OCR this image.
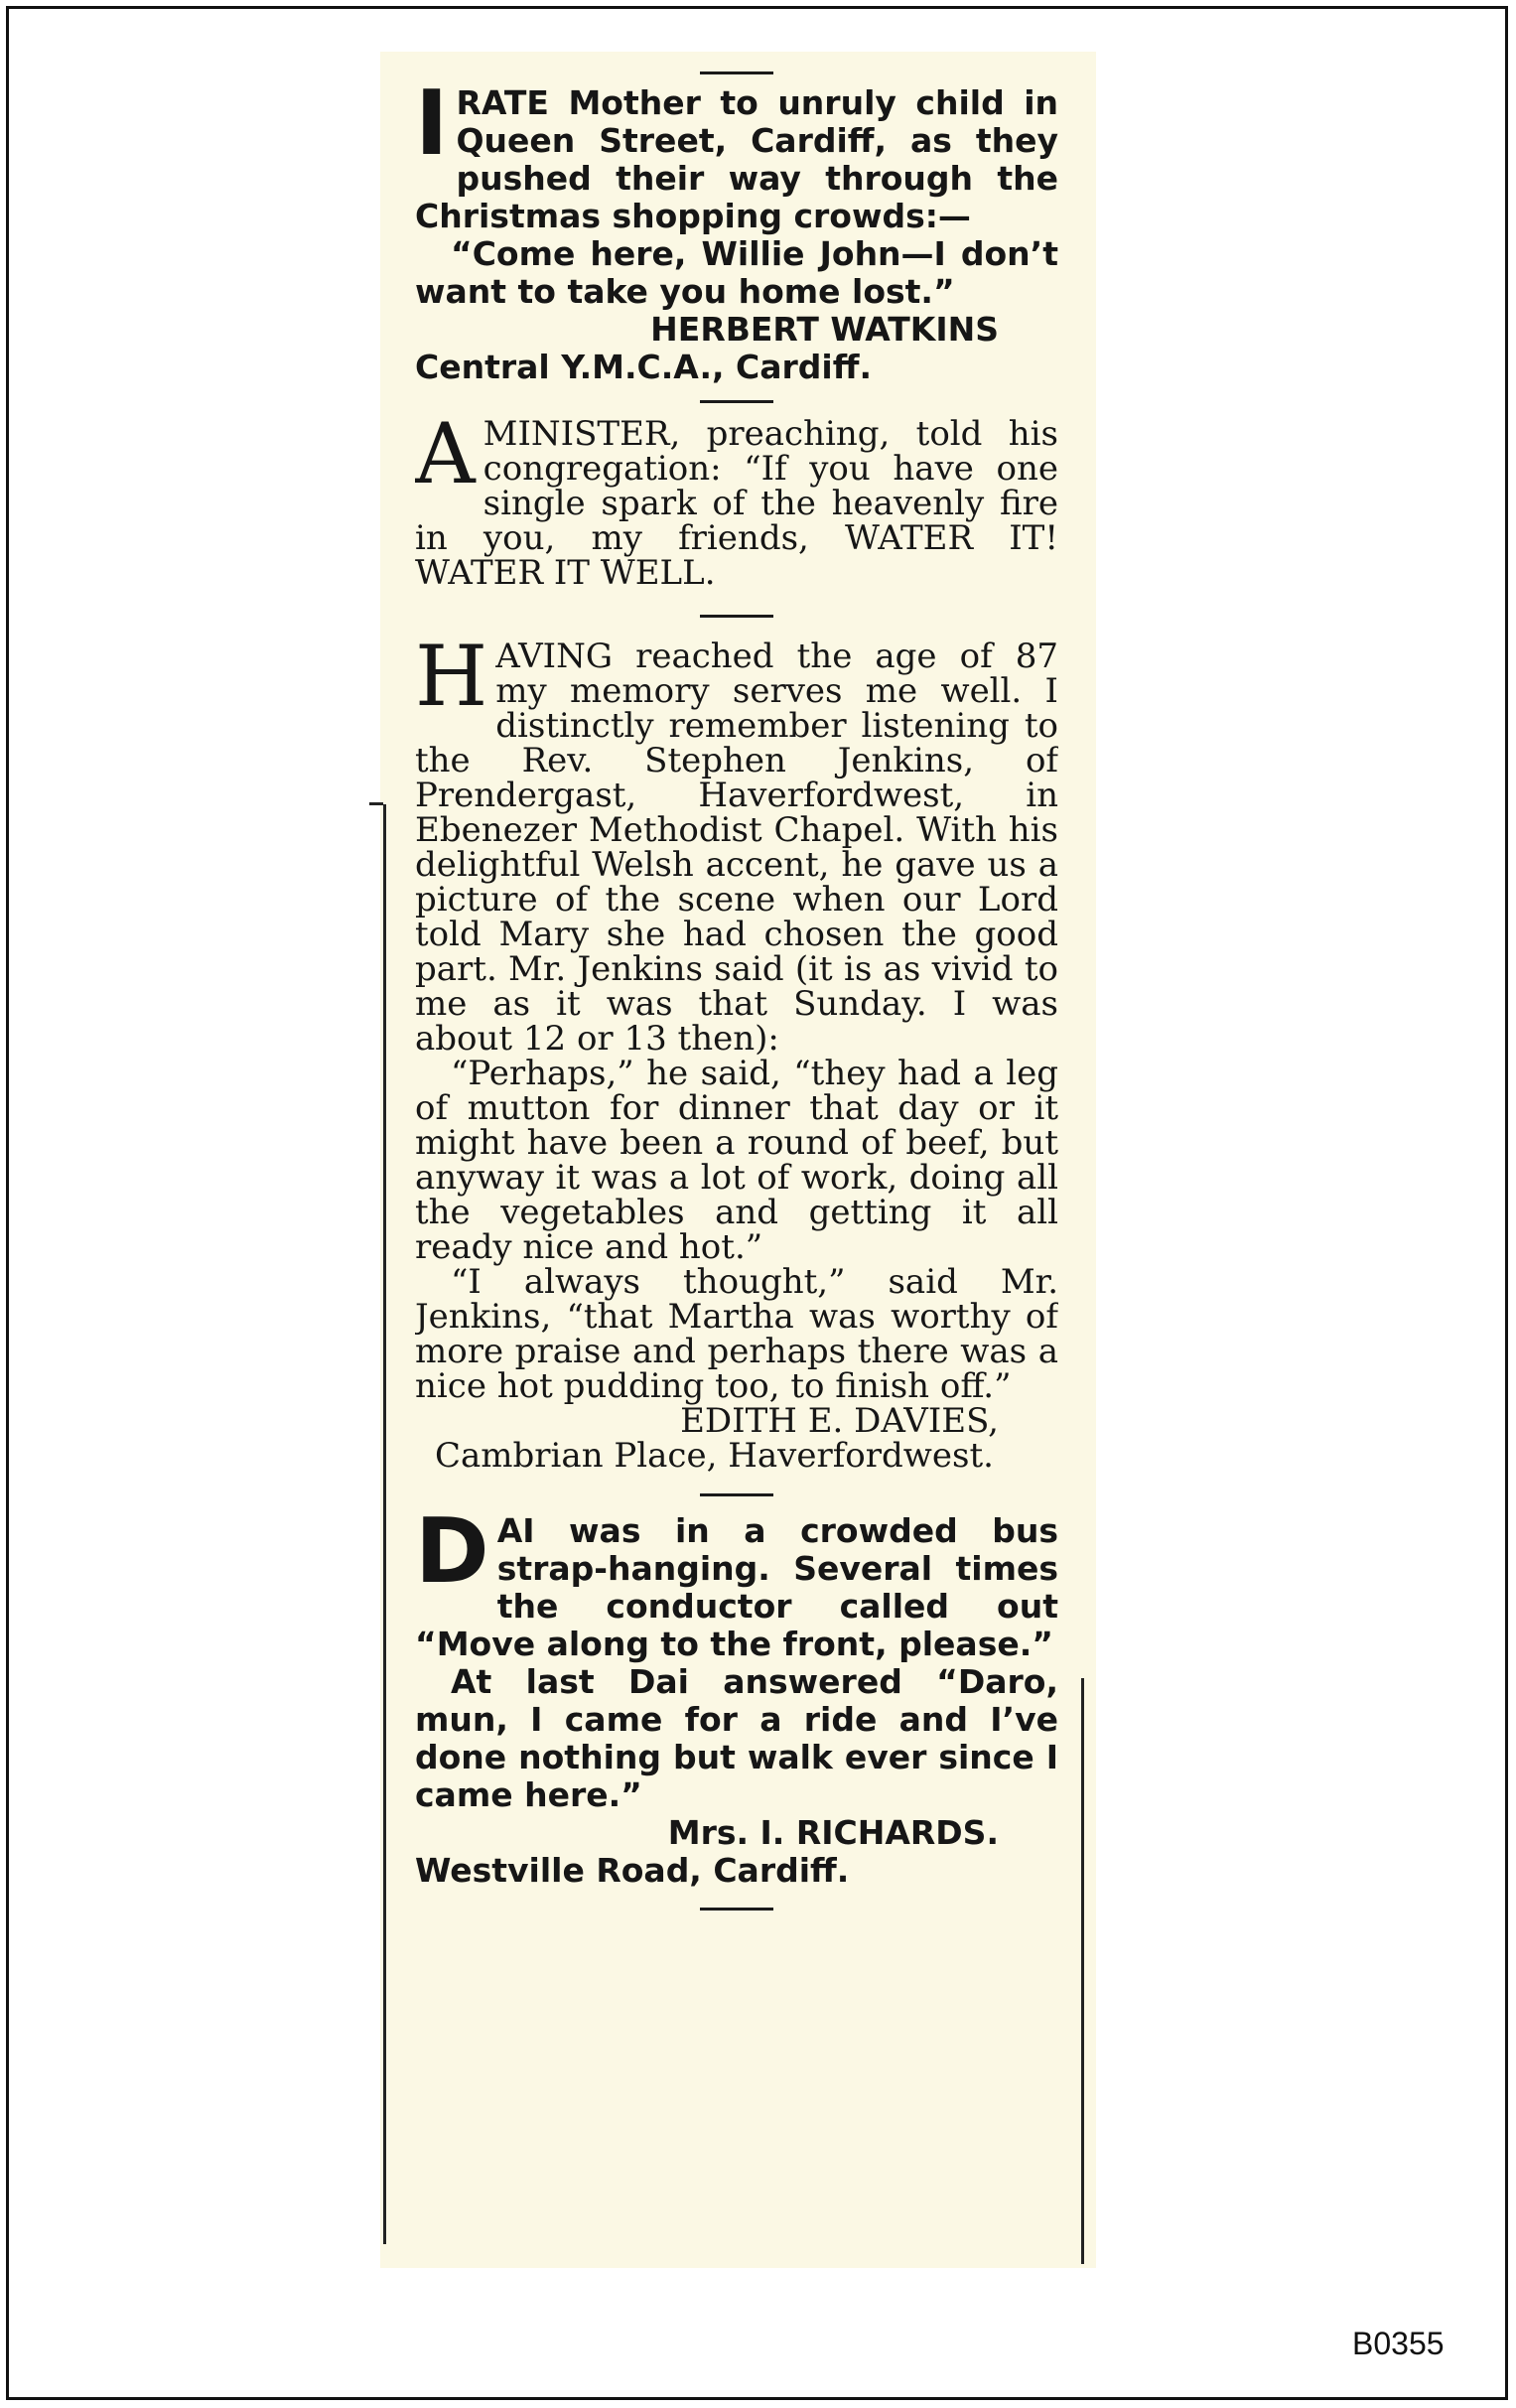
I RATE Mother to unruly child in Queen Street, Cardiff, as they pushed their way through the Christmas shopping crowds:—

“Come here, Willie John—I don’t want to take you home lost.”

HERBERT WATKINS

Central Y.M.C.A., Cardiff.

A MINISTER, preaching, told his congregation: “If you have one single spark of the heavenly fire in you, my friends, WATER IT! WATER IT WELL.

H AVING reached the age of 87 my memory serves me well. I distinctly remember listening to the Rev. Stephen Jenkins, of Prendergast, Haverfordwest, in Ebenezer Methodist Chapel. With his delightful Welsh accent, he gave us a picture of the scene when our Lord told Mary she had chosen the good part. Mr. Jenkins said (it is as vivid to me as it was that Sunday. I was about 12 or 13 then):

“Perhaps,” he said, “they had a leg of mutton for dinner that day or it might have been a round of beef, but anyway it was a lot of work, doing all the vegetables and getting it all ready nice and hot.”

“I always thought,” said Mr. Jenkins, “that Martha was worthy of more praise and perhaps there was a nice hot pudding too, to finish off.”

EDITH E. DAVIES,

Cambrian Place, Haverfordwest.

D AI was in a crowded bus strap-hanging. Several times the conductor called out “Move along to the front, please.”

At last Dai answered “Daro, mun, I came for a ride and I’ve done nothing but walk ever since I came here.”

Mrs. I. RICHARDS.

Westville Road, Cardiff.

B0355
